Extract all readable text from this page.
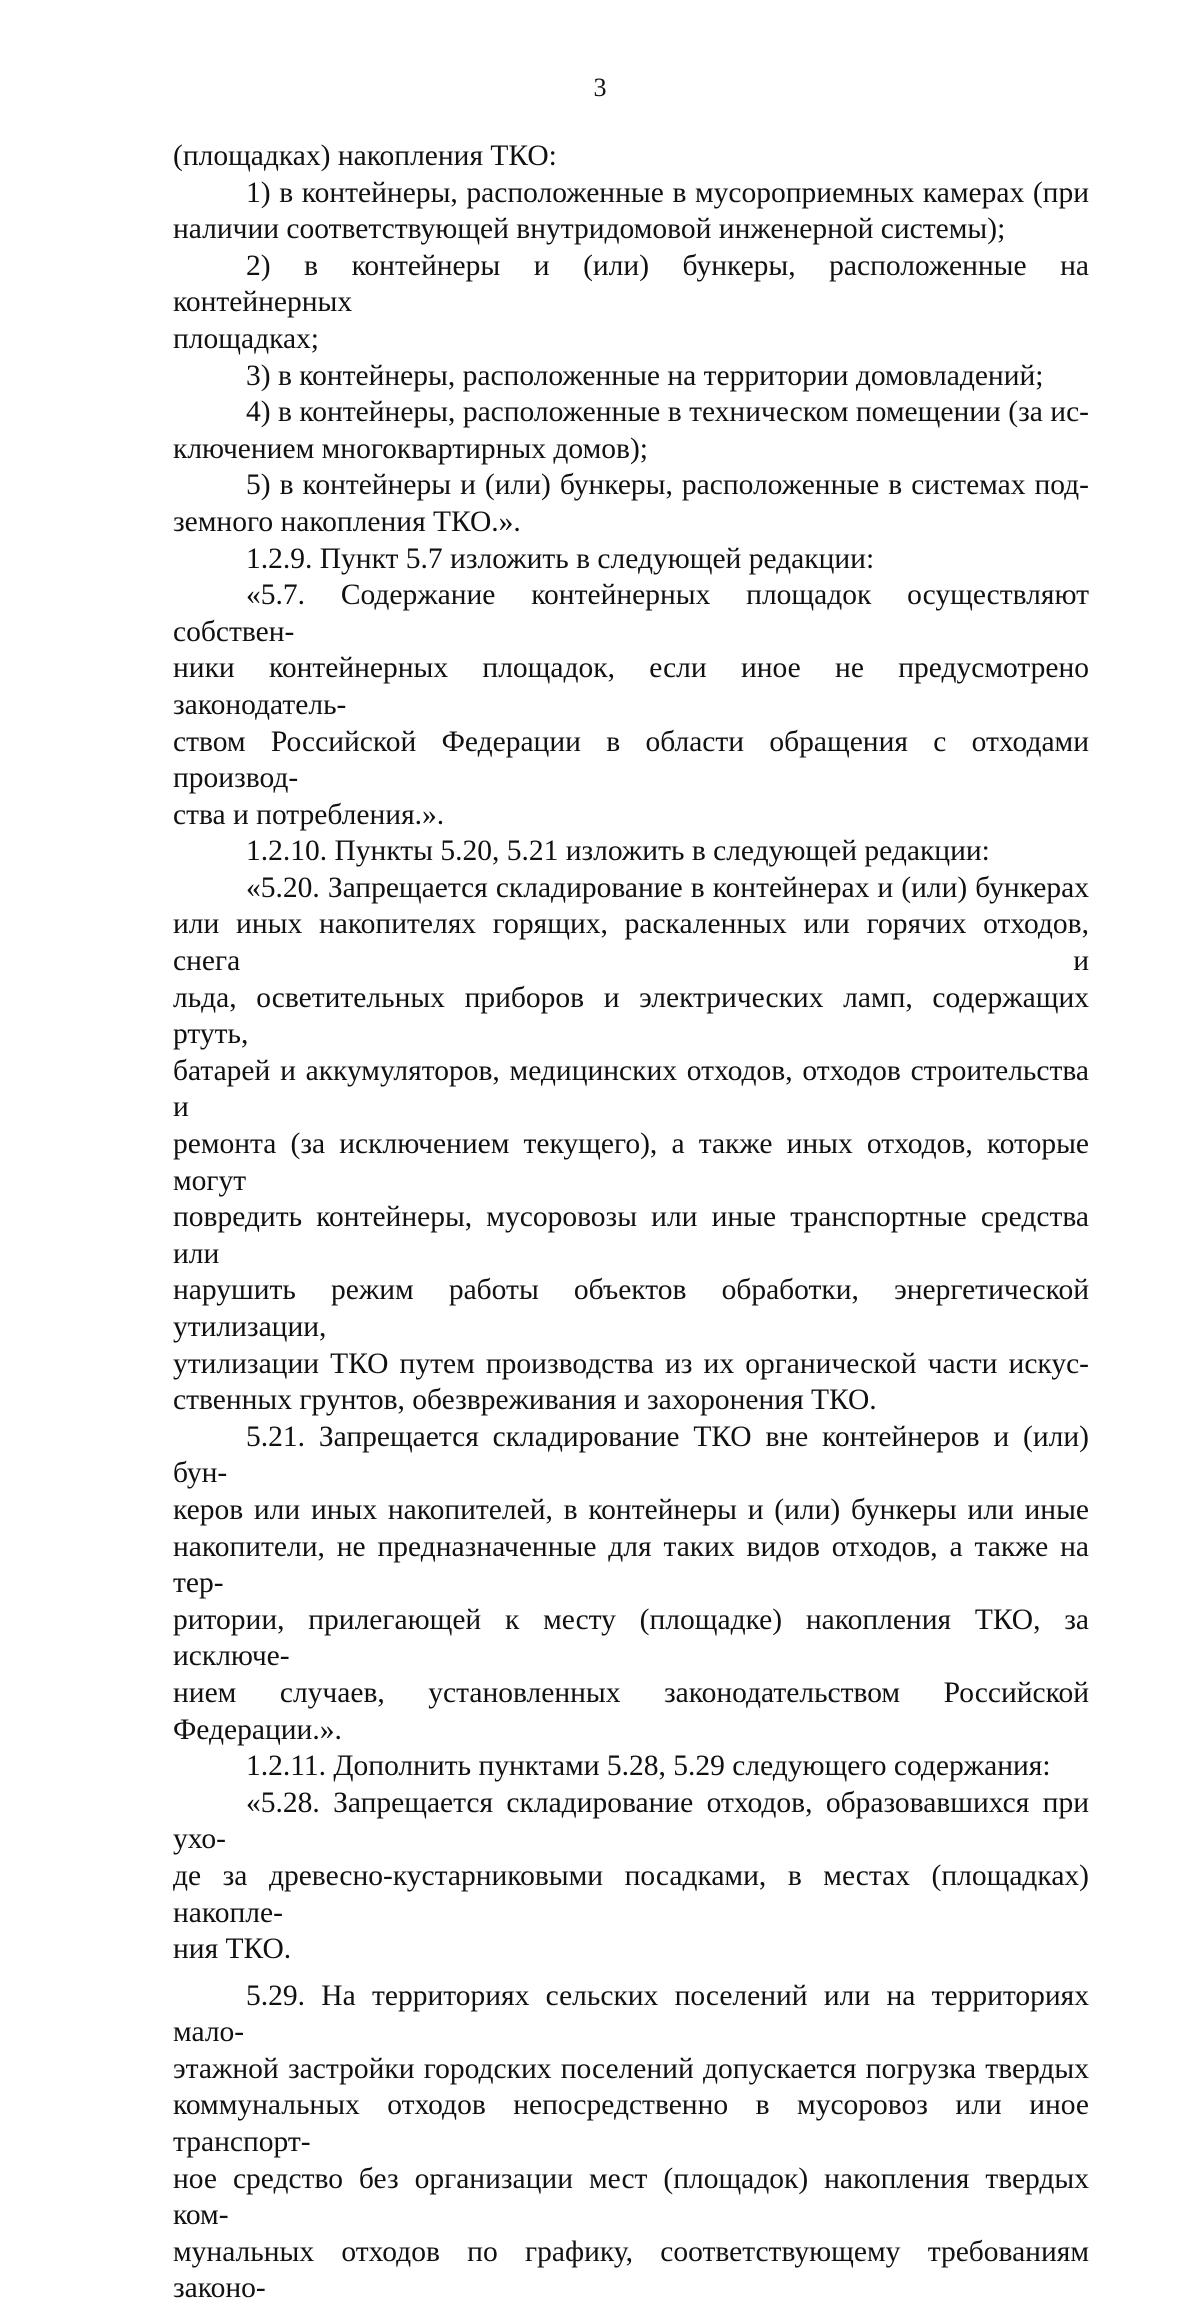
3
(площадках) накопления ТКО:
1) в контейнеры, расположенные в мусороприемных камерах (при
наличии соответствующей внутридомовой инженерной системы);
2) в контейнеры и (или) бункеры, расположенные на контейнерных
площадках;
3) в контейнеры, расположенные на территории домовладений;
4) в контейнеры, расположенные в техническом помещении (за ис-
ключением многоквартирных домов);
5) в контейнеры и (или) бункеры, расположенные в системах под-
земного накопления ТКО.».
1.2.9. Пункт 5.7 изложить в следующей редакции:
«5.7. Содержание контейнерных площадок осуществляют собствен-
ники контейнерных площадок, если иное не предусмотрено законодатель-
ством Российской Федерации в области обращения с отходами производ-
ства и потребления.».
1.2.10. Пункты 5.20, 5.21 изложить в следующей редакции:
«5.20. Запрещается складирование в контейнерах и (или) бункерах
или иных накопителях горящих, раскаленных или горячих отходов, снега и
льда, осветительных приборов и электрических ламп, содержащих ртуть,
батарей и аккумуляторов, медицинских отходов, отходов строительства и
ремонта (за исключением текущего), а также иных отходов, которые могут
повредить контейнеры, мусоровозы или иные транспортные средства или
нарушить режим работы объектов обработки, энергетической утилизации,
утилизации ТКО путем производства из их органической части искус-
ственных грунтов, обезвреживания и захоронения ТКО.
5.21. Запрещается складирование ТКО вне контейнеров и (или) бун-
керов или иных накопителей, в контейнеры и (или) бункеры или иные
накопители, не предназначенные для таких видов отходов, а также на тер-
ритории, прилегающей к месту (площадке) накопления ТКО, за исключе-
нием случаев, установленных законодательством Российской Федерации.».
1.2.11. Дополнить пунктами 5.28, 5.29 следующего содержания:
«5.28. Запрещается складирование отходов, образовавшихся при ухо-
де за древесно-кустарниковыми посадками, в местах (площадках) накопле-
ния ТКО.
5.29. На территориях сельских поселений или на территориях мало-
этажной застройки городских поселений допускается погрузка твердых
коммунальных отходов непосредственно в мусоровоз или иное транспорт-
ное средство без организации мест (площадок) накопления твердых ком-
мунальных отходов по графику, соответствующему требованиям законо-
